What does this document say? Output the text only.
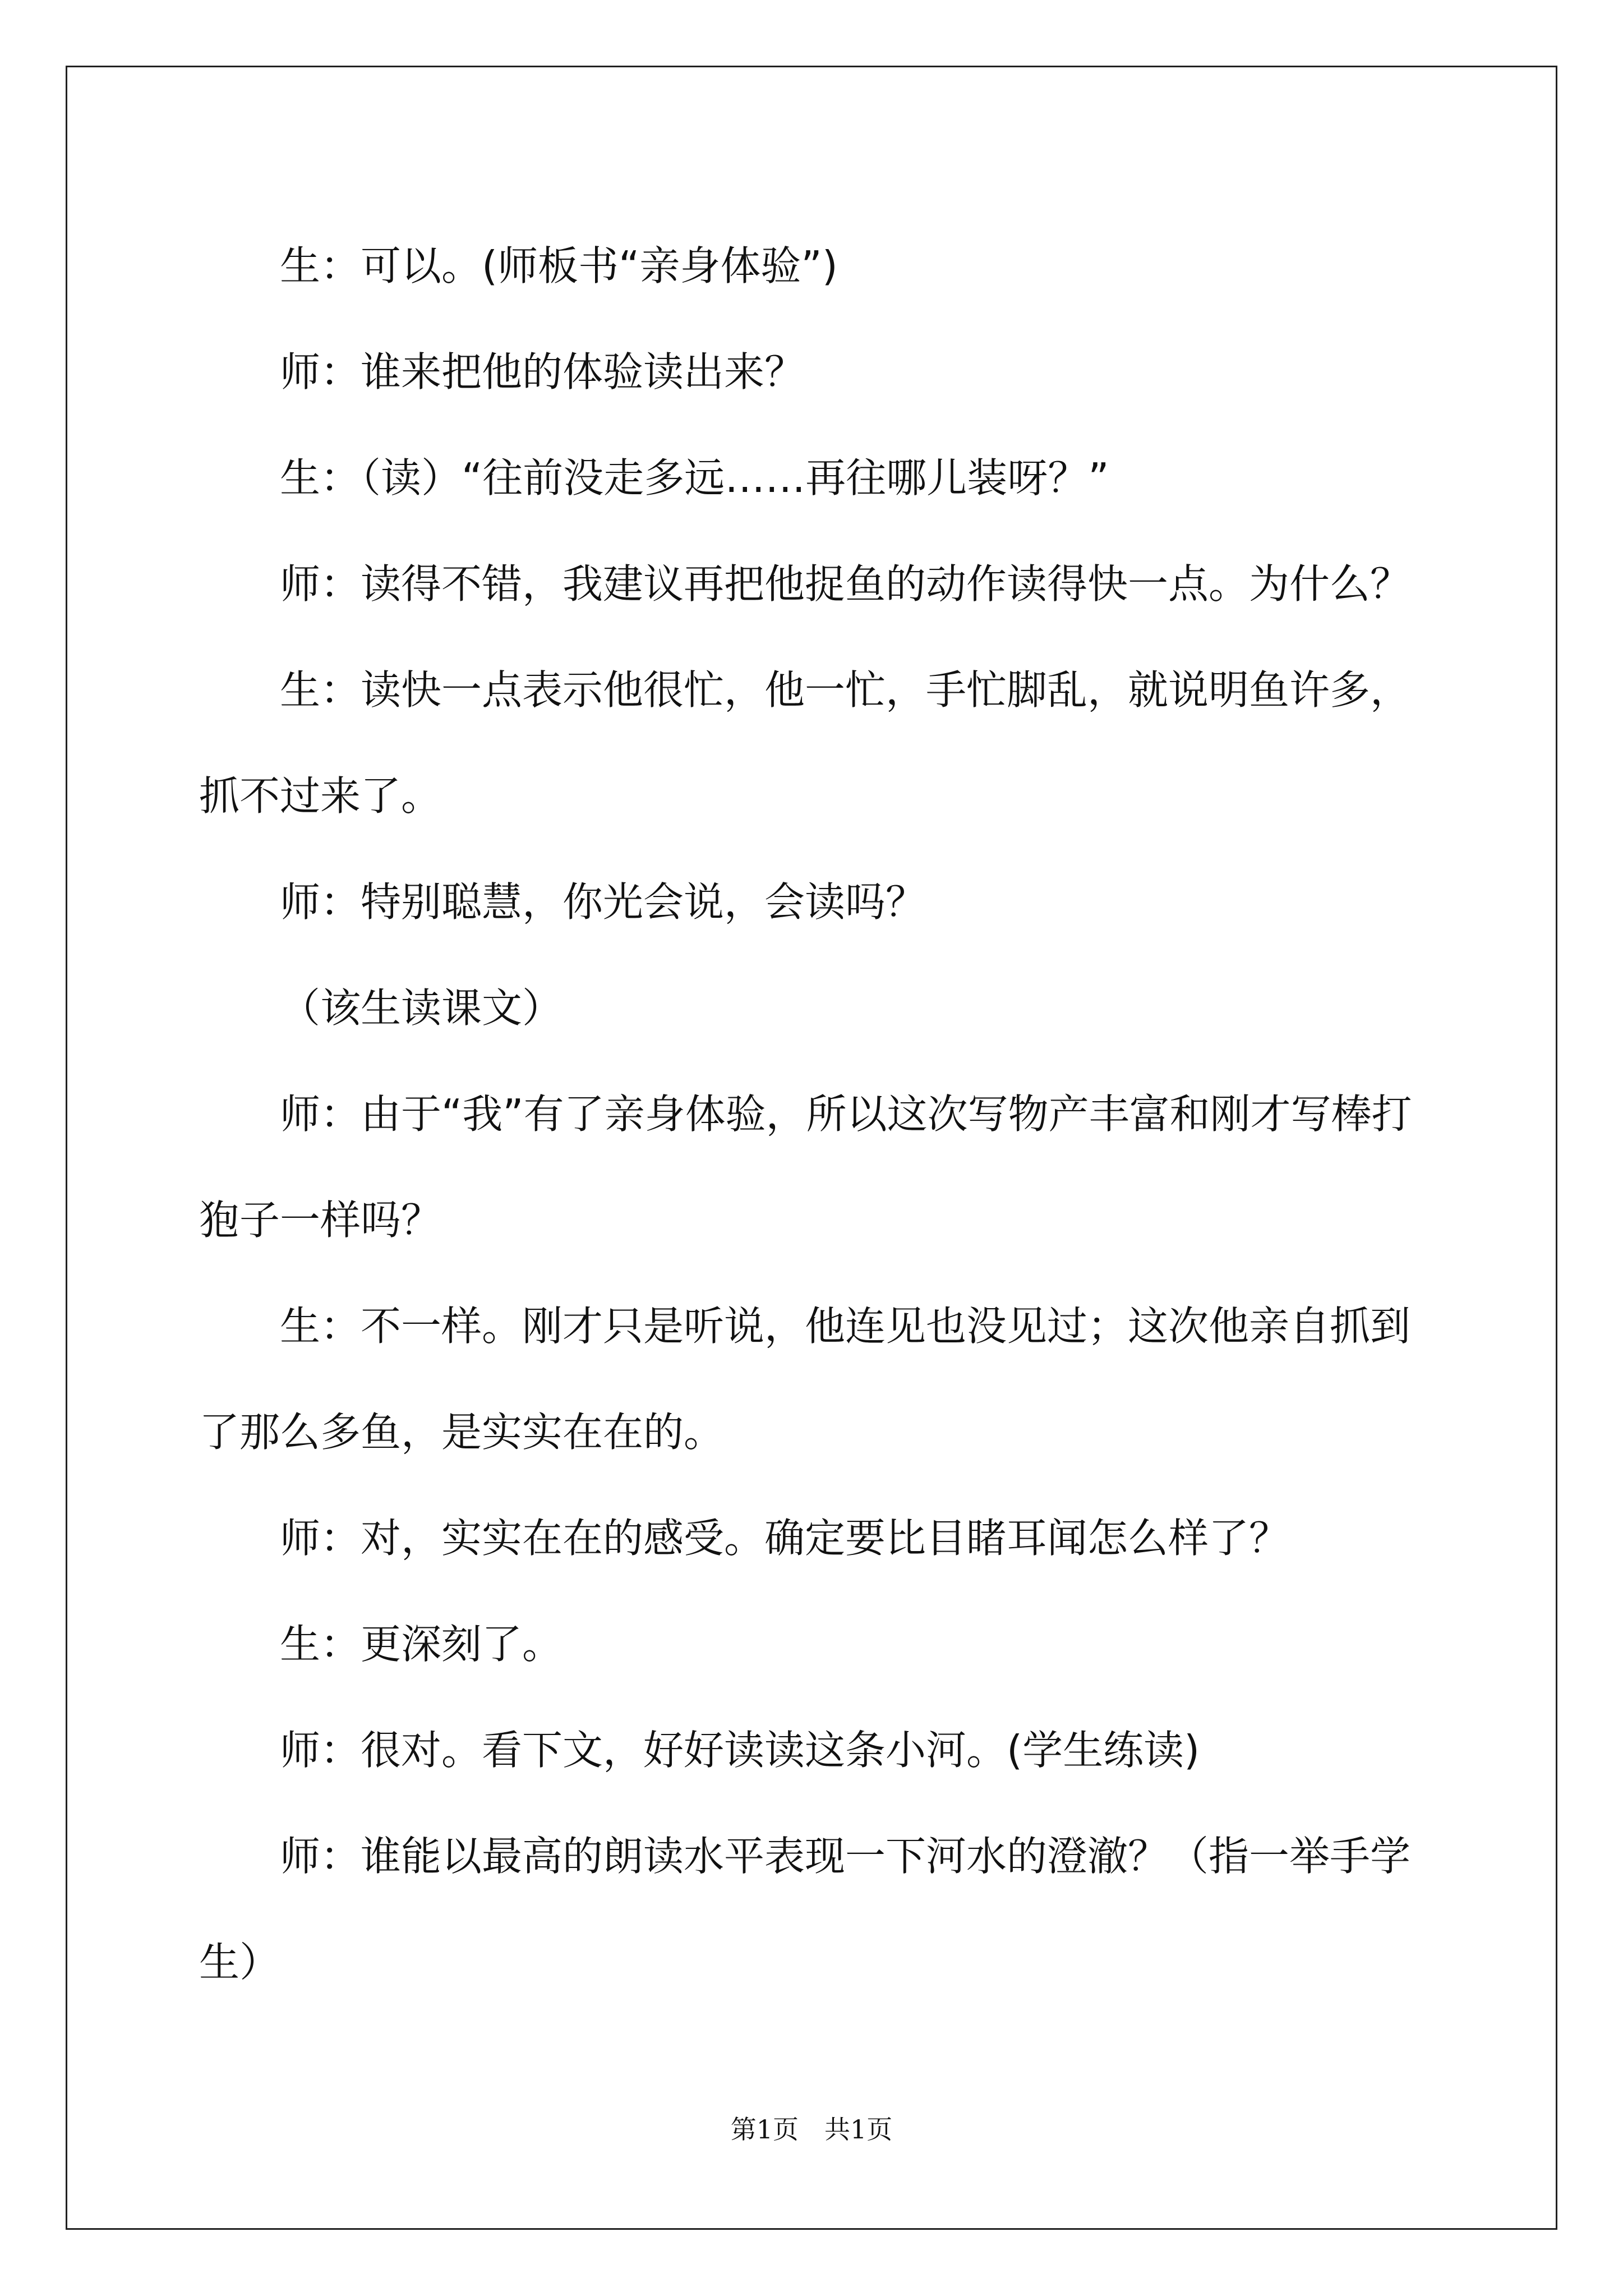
生：可以。(师板书“亲身体验”)

师：谁来把他的体验读出来？

生：（读）“往前没走多远……再往哪儿装呀？”

师：读得不错，我建议再把他捉鱼的动作读得快一点。为什么？

生：读快一点表示他很忙，他一忙，手忙脚乱，就说明鱼许多，抓不过来了。

师：特别聪慧，你光会说，会读吗？

（该生读课文）

师：由于“我”有了亲身体验，所以这次写物产丰富和刚才写棒打狍子一样吗？

生：不一样。刚才只是听说，他连见也没见过；这次他亲自抓到了那么多鱼，是实实在在的。

师：对，实实在在的感受。确定要比目睹耳闻怎么样了？

生：更深刻了。

师：很对。看下文，好好读读这条小河。(学生练读)

师：谁能以最高的朗读水平表现一下河水的澄澈？（指一举手学生）

第1页　共1页
